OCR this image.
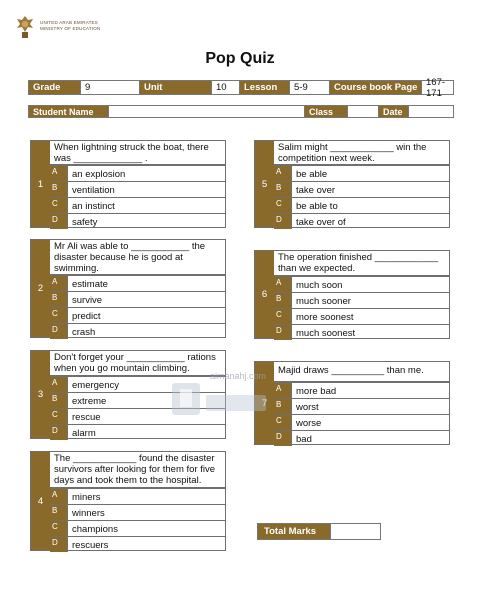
UNITED ARAB EMIRATES
MINISTRY OF EDUCATION
Pop Quiz
Grade	9	Unit	10	Lesson	5-9	Course book Page 167-171
Student Name	Class	Date
1
When lightning struck the boat, there was _____________ .
A	an explosion
B	ventilation
C	an instinct
D	safety
2
Mr Ali was able to ___________ the disaster because he is good at swimming.
A	estimate
B	survive
C	predict
D	crash
3
Don't forget your ___________ rations when you go mountain climbing.
A	emergency
B	extreme
C	rescue
D	alarm
4
The ____________ found the disaster survivors after looking for them for five days and took them to the hospital.
A	miners
B	winners
C	champions
D	rescuers
5
Salim might ____________ win the competition next week.
A	be able
B	take over
C	be able to
D	take over of
6
The operation finished ____________ than we expected.
A	much soon
B	much sooner
C	more soonest
D	much soonest
7
Majid draws __________ than me.
A	more bad
B	worst
C	worse
D	bad
Total Marks
almanahj.com
